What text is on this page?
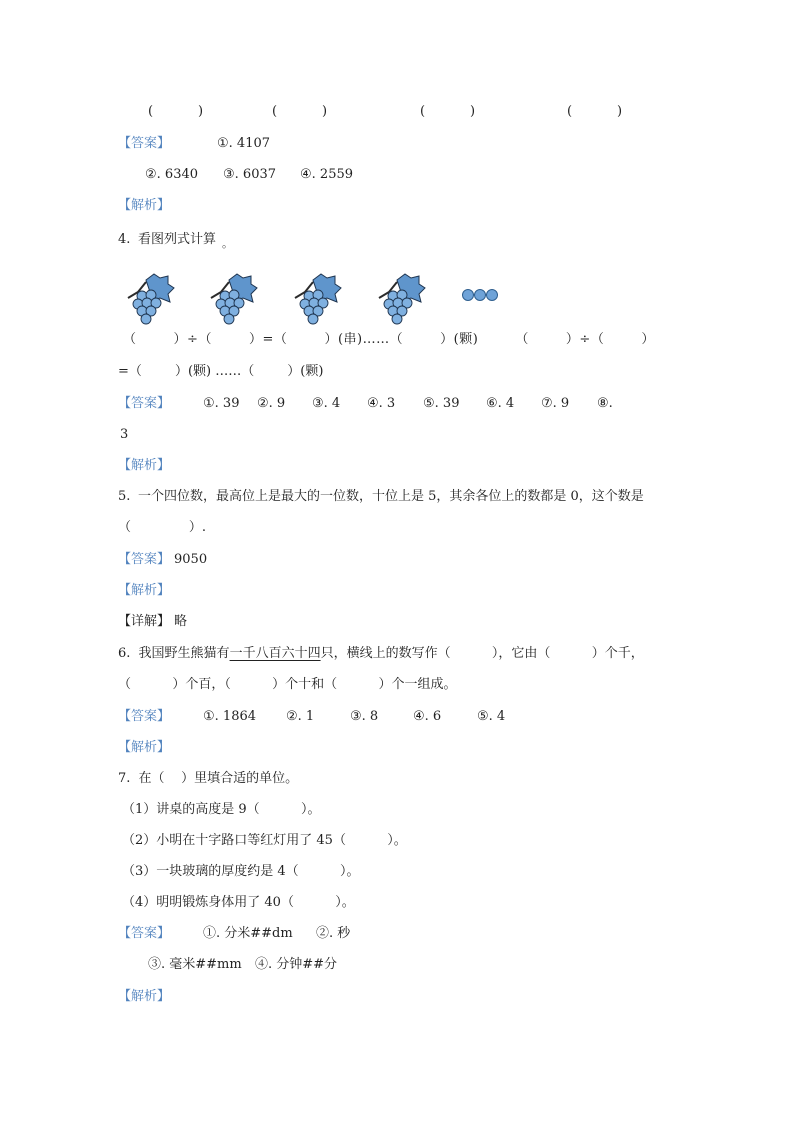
(	)	(	)	(	)	(	)
【答案】	①. 4107
②. 6340 ③. 6037 ④. 2559
【解析】
4. 看图列式计算 。
（        ）÷（        ）=（        ）(串)……（        ）(颗)        （        ）÷（        ）
=（        ）(颗) ……（        ）(颗)
【答案】	①. 39 ②. 9 ③. 4 ④. 3 ⑤. 39 ⑥. 4 ⑦. 9 ⑧.
3
【解析】
5. 一个四位数，最高位上是最大的一位数，十位上是 5，其余各位上的数都是 0，这个数是
（              ）.
【答案】 9050
【解析】
【详解】 略
6. 我国野生熊猫有一千八百六十四只，横线上的数写作（          ），它由（          ）个千，
（          ）个百，（          ）个十和（          ）个一组成。
【答案】	①. 1864 ②. 1	③. 8	④. 6	⑤. 4
【解析】
7. 在（    ）里填合适的单位。
（1）讲桌的高度是 9（          ）。
（2）小明在十字路口等红灯用了 45（          ）。
（3）一块玻璃的厚度约是 4（          ）。
（4）明明锻炼身体用了 40（          ）。
【答案】	①. 分米##dm ②. 秒
③. 毫米##mm ④. 分钟##分
【解析】
